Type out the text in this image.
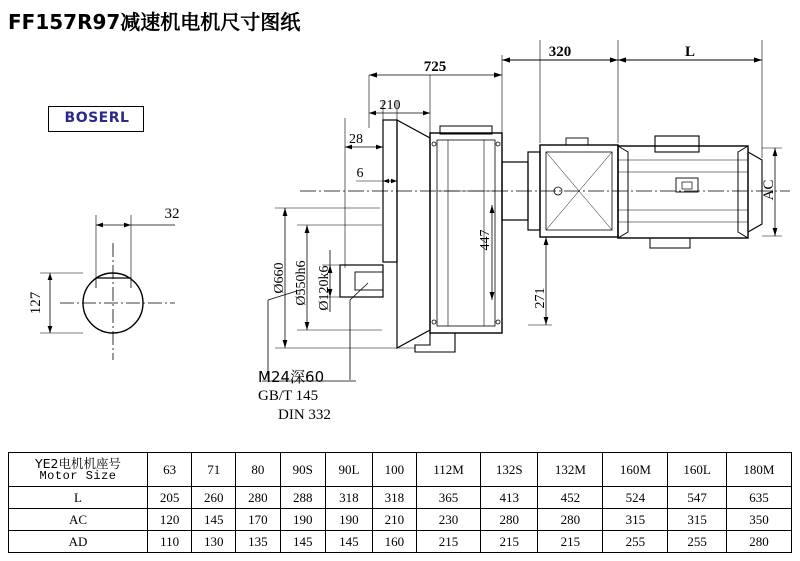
FF157R97减速机电机尺寸图纸
BOSERL
725
320	L
210
28
6
32
127
Ø660 Ø550h6 Ø120k6
447
271
AC
M24深60
GB/T 145
DIN 332
YE2电机机座号
Motor Size	63	71	80	90S	90L	100	112M	132S	132M	160M	160L	180M
L	205	260	280	288	318	318	365	413	452	524	547	635
AC	120	145	170	190	190	210	230	280	280	315	315	350
AD	110	130	135	145	145	160	215	215	215	255	255	280
